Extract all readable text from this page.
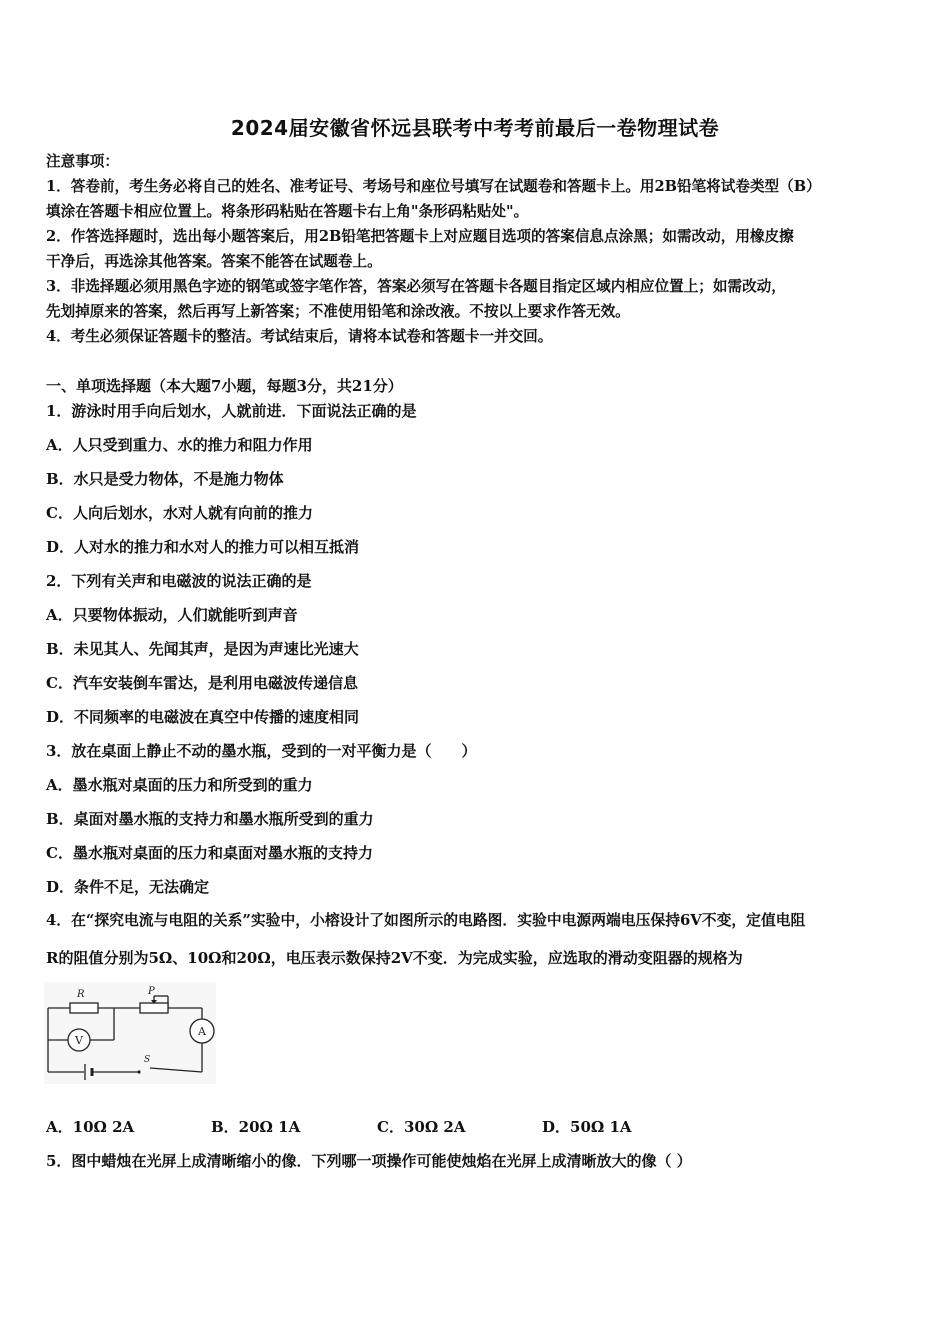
2024届安徽省怀远县联考中考考前最后一卷物理试卷
注意事项：
1．答卷前，考生务必将自己的姓名、准考证号、考场号和座位号填写在试题卷和答题卡上。用2B铅笔将试卷类型（B）
填涂在答题卡相应位置上。将条形码粘贴在答题卡右上角"条形码粘贴处"。
2．作答选择题时，选出每小题答案后，用2B铅笔把答题卡上对应题目选项的答案信息点涂黑；如需改动，用橡皮擦
干净后，再选涂其他答案。答案不能答在试题卷上。
3．非选择题必须用黑色字迹的钢笔或签字笔作答，答案必须写在答题卡各题目指定区域内相应位置上；如需改动，
先划掉原来的答案，然后再写上新答案；不准使用铅笔和涂改液。不按以上要求作答无效。
4．考生必须保证答题卡的整洁。考试结束后，请将本试卷和答题卡一并交回。
一、单项选择题（本大题7小题，每题3分，共21分）
1．游泳时用手向后划水，人就前进．下面说法正确的是
A．人只受到重力、水的推力和阻力作用
B．水只是受力物体，不是施力物体
C．人向后划水，水对人就有向前的推力
D．人对水的推力和水对人的推力可以相互抵消
2．下列有关声和电磁波的说法正确的是
A．只要物体振动，人们就能听到声音
B．未见其人、先闻其声，是因为声速比光速大
C．汽车安装倒车雷达，是利用电磁波传递信息
D．不同频率的电磁波在真空中传播的速度相同
3．放在桌面上静止不动的墨水瓶，受到的一对平衡力是（　　）
A．墨水瓶对桌面的压力和所受到的重力
B．桌面对墨水瓶的支持力和墨水瓶所受到的重力
C．墨水瓶对桌面的压力和桌面对墨水瓶的支持力
D．条件不足，无法确定
4．在“探究电流与电阻的关系”实验中，小榕设计了如图所示的电路图．实验中电源两端电压保持6V不变，定值电阻
R的阻值分别为5Ω、10Ω和20Ω，电压表示数保持2V不变．为完成实验，应选取的滑动变阻器的规格为
R	P
V
A
S
A．10Ω 2A	B．20Ω 1A	C．30Ω 2A	D．50Ω 1A
5．图中蜡烛在光屏上成清晰缩小的像．下列哪一项操作可能使烛焰在光屏上成清晰放大的像（ ）
